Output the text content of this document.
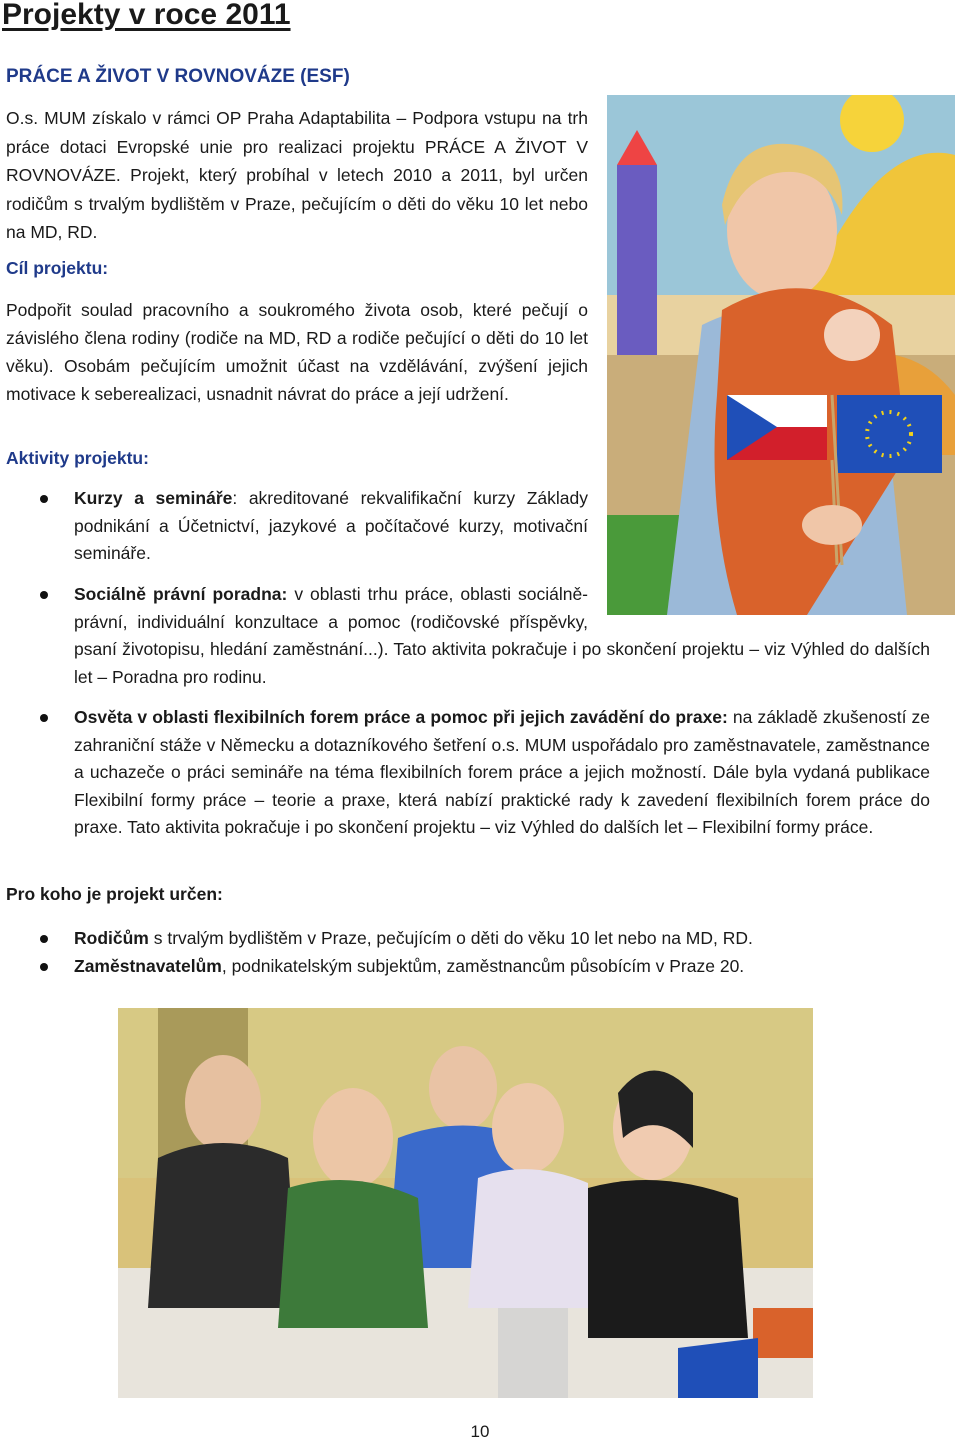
Projekty v roce 2011
PRÁCE A ŽIVOT V ROVNOVÁZE (ESF)
O.s. MUM získalo v rámci OP Praha Adaptabilita – Podpora vstupu na trh práce dotaci Evropské unie pro realizaci projektu PRÁCE A ŽIVOT V ROVNOVÁZE. Projekt, který probíhal v letech 2010 a 2011, byl určen rodičům s trvalým bydlištěm v Praze, pečujícím o děti do věku 10 let nebo na MD, RD.
Cíl projektu:
Podpořit soulad pracovního a soukromého života osob, které pečují o závislého člena rodiny (rodiče na MD, RD a rodiče pečující o děti do 10 let věku). Osobám pečujícím umožnit účast na vzdělávání, zvýšení jejich motivace k seberealizaci, usnadnit návrat do práce a její udržení.
Aktivity projektu:
Kurzy a semináře: akreditované rekvalifikační kurzy Základy podnikání a Účetnictví, jazykové a počítačové kurzy, motivační semináře.
Sociálně právní poradna: v oblasti trhu práce, oblasti sociálně-právní, individuální konzultace a pomoc (rodičovské příspěvky, psaní životopisu, hledání zaměstnání...). Tato aktivita pokračuje i po skončení projektu – viz Výhled do dalších let – Poradna pro rodinu.
Osvěta v oblasti flexibilních forem práce a pomoc při jejich zavádění do praxe: na základě zkušeností ze zahraniční stáže v Německu a dotazníkového šetření o.s. MUM uspořádalo pro zaměstnavatele, zaměstnance a uchazeče o práci semináře na téma flexibilních forem práce a jejich možností. Dále byla vydaná publikace Flexibilní formy práce – teorie a praxe, která nabízí praktické rady k zavedení flexibilních forem práce do praxe. Tato aktivita pokračuje i po skončení projektu – viz Výhled do dalších let – Flexibilní formy práce.
Pro koho je projekt určen:
Rodičům s trvalým bydlištěm v Praze, pečujícím o děti do věku 10 let nebo na MD, RD.
Zaměstnavatelům, podnikatelským subjektům, zaměstnancům působícím v Praze 20.
10
